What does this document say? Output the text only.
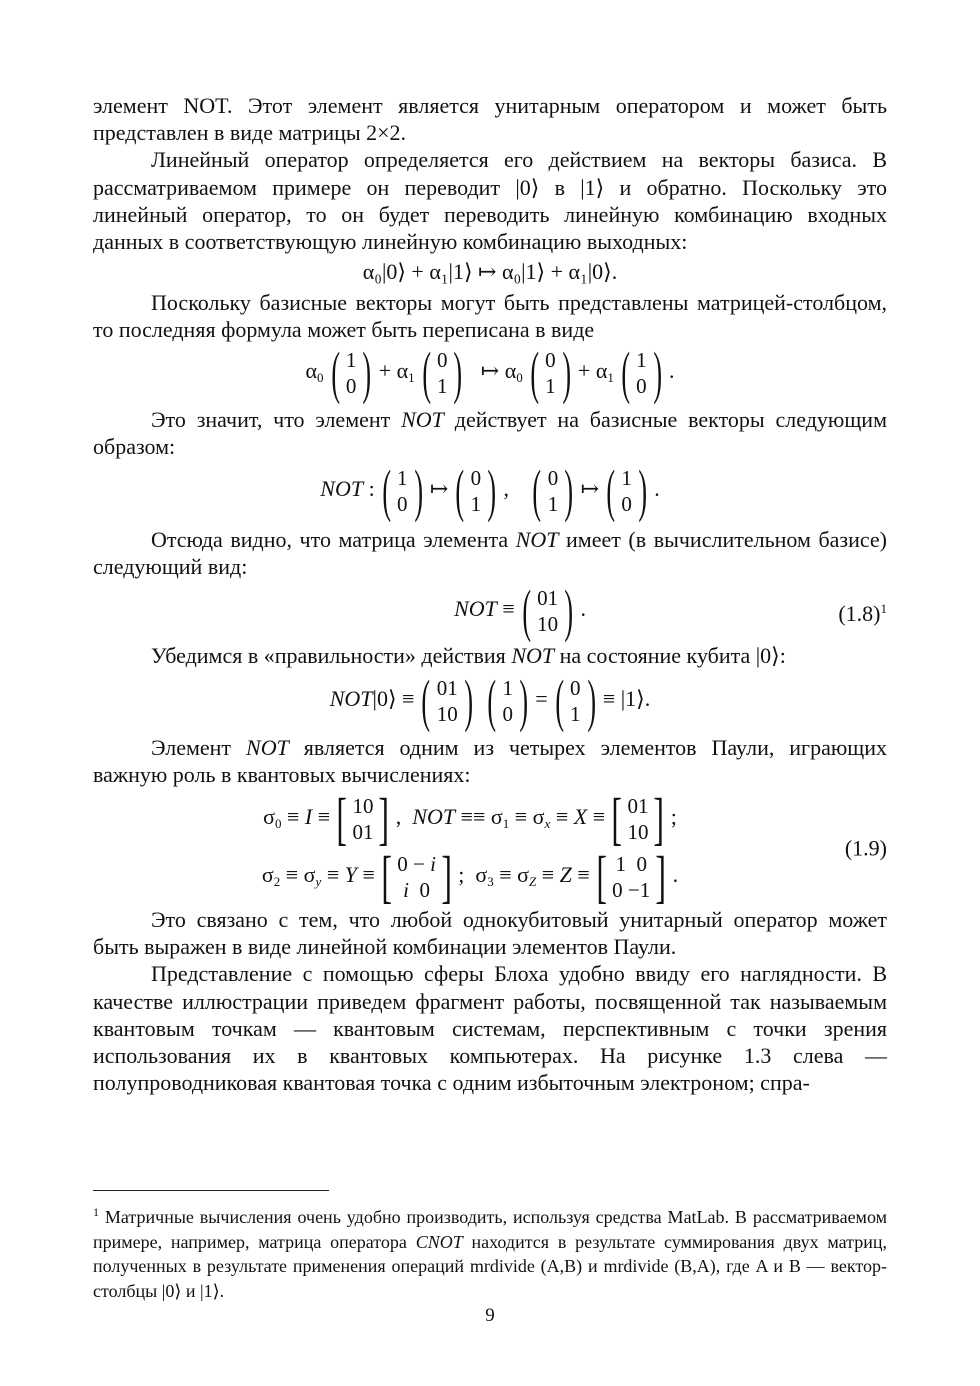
элемент NOT. Этот элемент является унитарным оператором и может быть представлен в виде матрицы 2×2.

Линейный оператор определяется его действием на векторы базиса. В рассматриваемом примере он переводит |0⟩ в |1⟩ и обратно. Поскольку это линейный оператор, то он будет переводить линейную комбинацию входных данных в соответствующую линейную комбинацию выходных:

α₀|0⟩ + α₁|1⟩ ↦ α₀|1⟩ + α₁|0⟩.

Поскольку базисные векторы могут быть представлены матрицей-столбцом, то последняя формула может быть переписана в виде

$\alpha_0$ ( 1
0 ) + $\alpha_1$ ( 0
1 ) ↦ $\alpha_0$ ( 0
1 ) + $\alpha_1$ ( 1
0 ) .

Это значит, что элемент NOT действует на базисные векторы следующим образом:

NOT : ( 1
0 ) ↦ ( 0
1 ) , ( 0
1 ) ↦ ( 1
0 ) .

Отсюда видно, что матрица элемента NOT имеет (в вычислительном базисе) следующий вид:

NOT ≡ ( 01
10 ) .	$(1.8)^1$

Убедимся в «правильности» действия NOT на состояние кубита |0⟩:

NOT|0⟩ ≡ ( 01
10 ) ( 1
0 ) = ( 0
1 ) ≡ |1⟩.

Элемент NOT является одним из четырех элементов Паули, играющих важную роль в квантовых вычислениях:

$\sigma_0 \equiv I$ ≡ [ 10
01 ] ,  NOT ≡≡ $\sigma_1 \equiv \sigma_x \equiv X$ ≡ [ 01
10 ] ;
$\sigma_2 \equiv \sigma_y \equiv Y$ ≡ [ 0 − i
i  0 ] ;  $\sigma_3 \equiv \sigma_Z \equiv Z$ ≡ [ 1  0
0 −1 ] .
(1.9)

Это связано с тем, что любой однокубитовый унитарный оператор может быть выражен в виде линейной комбинации элементов Паули.

Представление с помощью сферы Блоха удобно ввиду его наглядности. В качестве иллюстрации приведем фрагмент работы, посвященной так называемым квантовым точкам — квантовым системам, перспективным с точки зрения использования их в квантовых компьютерах. На рисунке 1.3 слева — полупроводниковая квантовая точка с одним избыточным электроном; спра-

$^1$ Матричные вычисления очень удобно производить, используя средства MatLab. В рассматриваемом примере, например, матрица оператора CNOT находится в результате суммирования двух матриц, полученных в результате применения операций mrdivide (A,B) и mrdivide (B,A), где A и B — вектор-столбцы |0⟩ и |1⟩.
9
